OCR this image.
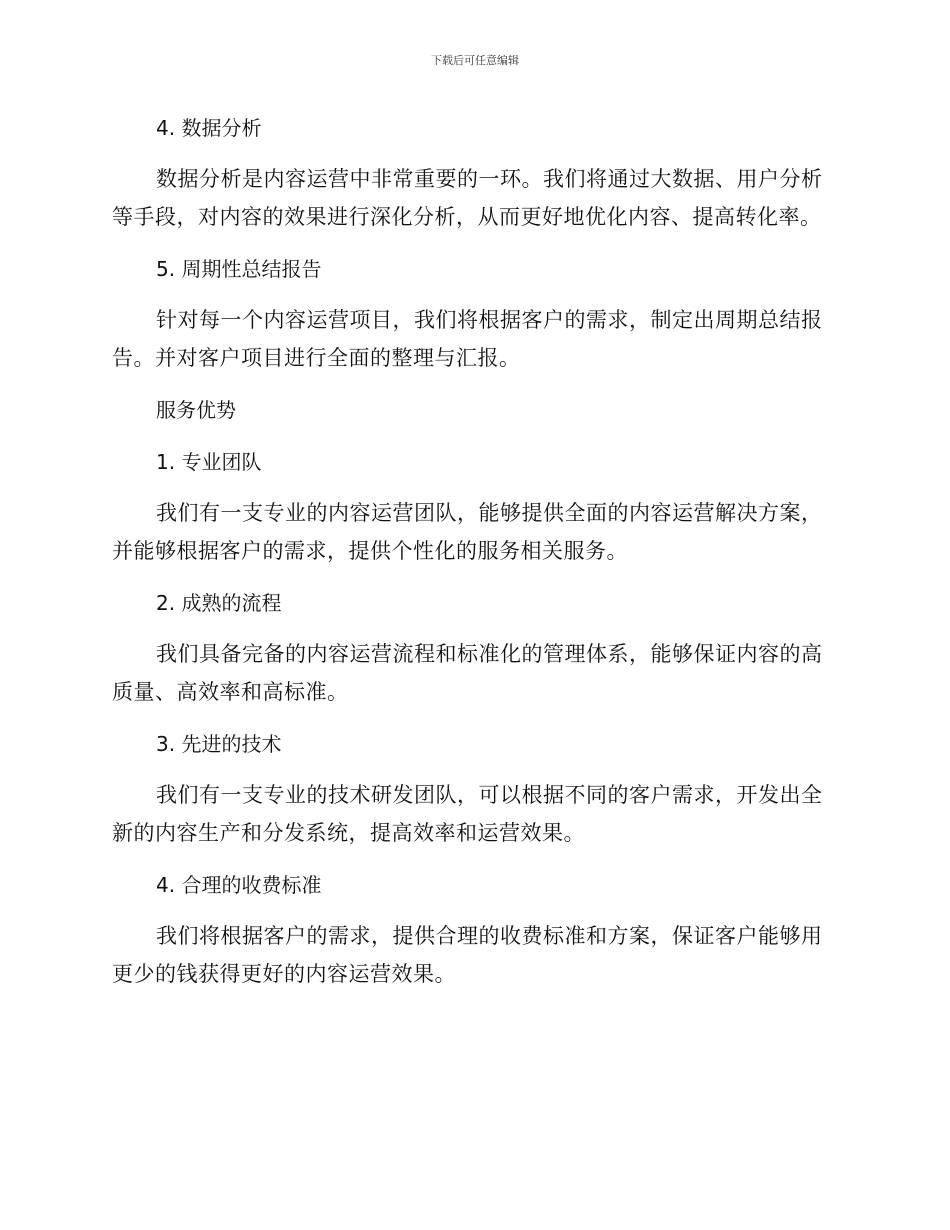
下载后可任意编辑
4. 数据分析

数据分析是内容运营中非常重要的一环。我们将通过大数据、用户分析等手段，对内容的效果进行深化分析，从而更好地优化内容、提高转化率。

5. 周期性总结报告

针对每一个内容运营项目，我们将根据客户的需求，制定出周期总结报告。并对客户项目进行全面的整理与汇报。

服务优势
1. 专业团队

我们有一支专业的内容运营团队，能够提供全面的内容运营解决方案，并能够根据客户的需求，提供个性化的服务相关服务。

2. 成熟的流程

我们具备完备的内容运营流程和标准化的管理体系，能够保证内容的高质量、高效率和高标准。

3. 先进的技术

我们有一支专业的技术研发团队，可以根据不同的客户需求，开发出全新的内容生产和分发系统，提高效率和运营效果。

4. 合理的收费标准

我们将根据客户的需求，提供合理的收费标准和方案，保证客户能够用更少的钱获得更好的内容运营效果。
